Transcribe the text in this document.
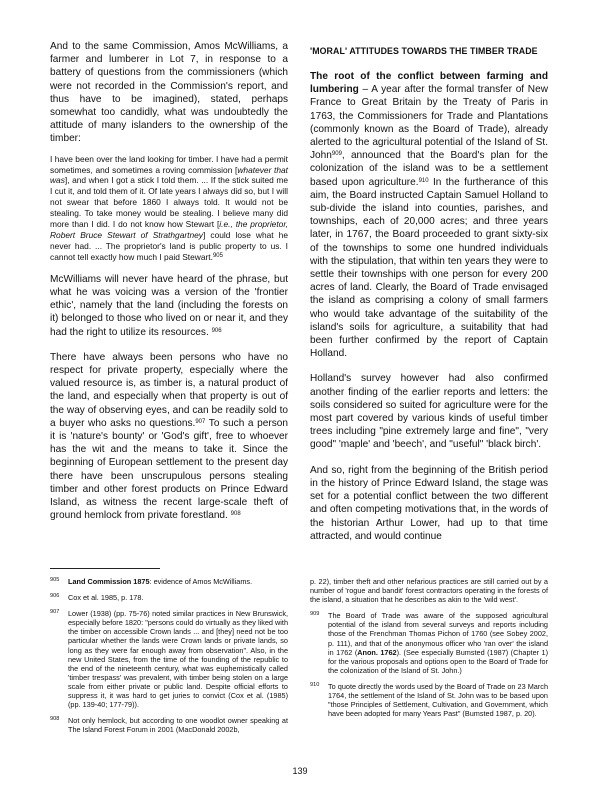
And to the same Commission, Amos McWilliams, a farmer and lumberer in Lot 7, in response to a battery of questions from the commissioners (which were not recorded in the Commission's report, and thus have to be imagined), stated, perhaps somewhat too candidly, what was undoubtedly the attitude of many islanders to the ownership of the timber:

I have been over the land looking for timber. I have had a permit sometimes, and sometimes a roving commission [whatever that was], and when I got a stick I told them. ... If the stick suited me I cut it, and told them of it. Of late years I always did so, but I will not swear that before 1860 I always told. It would not be stealing. To take money would be stealing. I believe many did more than I did. I do not know how Stewart [i.e., the proprietor, Robert Bruce Stewart of Strathgartney] could lose what he never had. ... The proprietor's land is public property to us. I cannot tell exactly how much I paid Stewart.$^{905}$

McWilliams will never have heard of the phrase, but what he was voicing was a version of the 'frontier ethic', namely that the land (including the forests on it) belonged to those who lived on or near it, and they had the right to utilize its resources. $^{906}$

There have always been persons who have no respect for private property, especially where the valued resource is, as timber is, a natural product of the land, and especially when that property is out of the way of observing eyes, and can be readily sold to a buyer who asks no questions.$^{907}$ To such a person it is 'nature's bounty' or 'God's gift', free to whoever has the wit and the means to take it. Since the beginning of European settlement to the present day there have been unscrupulous persons stealing timber and other forest products on Prince Edward Island, as witness the recent large-scale theft of ground hemlock from private forestland. $^{908}$

'MORAL' ATTITUDES TOWARDS THE TIMBER TRADE

The root of the conflict between farming and lumbering – A year after the formal transfer of New France to Great Britain by the Treaty of Paris in 1763, the Commissioners for Trade and Plantations (commonly known as the Board of Trade), already alerted to the agricultural potential of the Island of St. John$^{909}$, announced that the Board's plan for the colonization of the island was to be a settlement based upon agriculture.$^{910}$ In the furtherance of this aim, the Board instructed Captain Samuel Holland to sub-divide the island into counties, parishes, and townships, each of 20,000 acres; and three years later, in 1767, the Board proceeded to grant sixty-six of the townships to some one hundred individuals with the stipulation, that within ten years they were to settle their townships with one person for every 200 acres of land. Clearly, the Board of Trade envisaged the island as comprising a colony of small farmers who would take advantage of the suitability of the island's soils for agriculture, a suitability that had been further confirmed by the report of Captain Holland.

Holland's survey however had also confirmed another finding of the earlier reports and letters: the soils considered so suited for agriculture were for the most part covered by various kinds of useful timber trees including "pine extremely large and fine", "very good" 'maple' and 'beech', and "useful" 'black birch'.

And so, right from the beginning of the British period in the history of Prince Edward Island, the stage was set for a potential conflict between the two different and often competing motivations that, in the words of the historian Arthur Lower, had up to that time attracted, and would continue

905	Land Commission 1875: evidence of Amos McWilliams.
906	Cox et al. 1985, p. 178.
907	Lower (1938) (pp. 75-76) noted similar practices in New Brunswick, especially before 1820: "persons could do virtually as they liked with the timber on accessible Crown lands ... and [they] need not be too particular whether the lands were Crown lands or private lands, so long as they were far enough away from observation". Also, in the new United States, from the time of the founding of the republic to the end of the nineteenth century, what was euphemistically called 'timber trespass' was prevalent, with timber being stolen on a large scale from either private or public land. Despite official efforts to suppress it, it was hard to get juries to convict (Cox et al. (1985) (pp. 139-40; 177-79)).
908	Not only hemlock, but according to one woodlot owner speaking at The Island Forest Forum in 2001 (MacDonald 2002b,
p. 22), timber theft and other nefarious practices are still carried out by a number of 'rogue and bandit' forest contractors operating in the forests of the island, a situation that he describes as akin to the 'wild west'.
909	The Board of Trade was aware of the supposed agricultural potential of the island from several surveys and reports including those of the Frenchman Thomas Pichon of 1760 (see Sobey 2002, p. 111), and that of the anonymous officer who 'ran over' the island in 1762 (Anon. 1762). (See especially Bumsted (1987) (Chapter 1) for the various proposals and options open to the Board of Trade for the colonization of the Island of St. John.)
910	To quote directly the words used by the Board of Trade on 23 March 1764, the settlement of the Island of St. John was to be based upon "those Principles of Settlement, Cultivation, and Government, which have been adopted for many Years Past" (Bumsted 1987, p. 20).
139
